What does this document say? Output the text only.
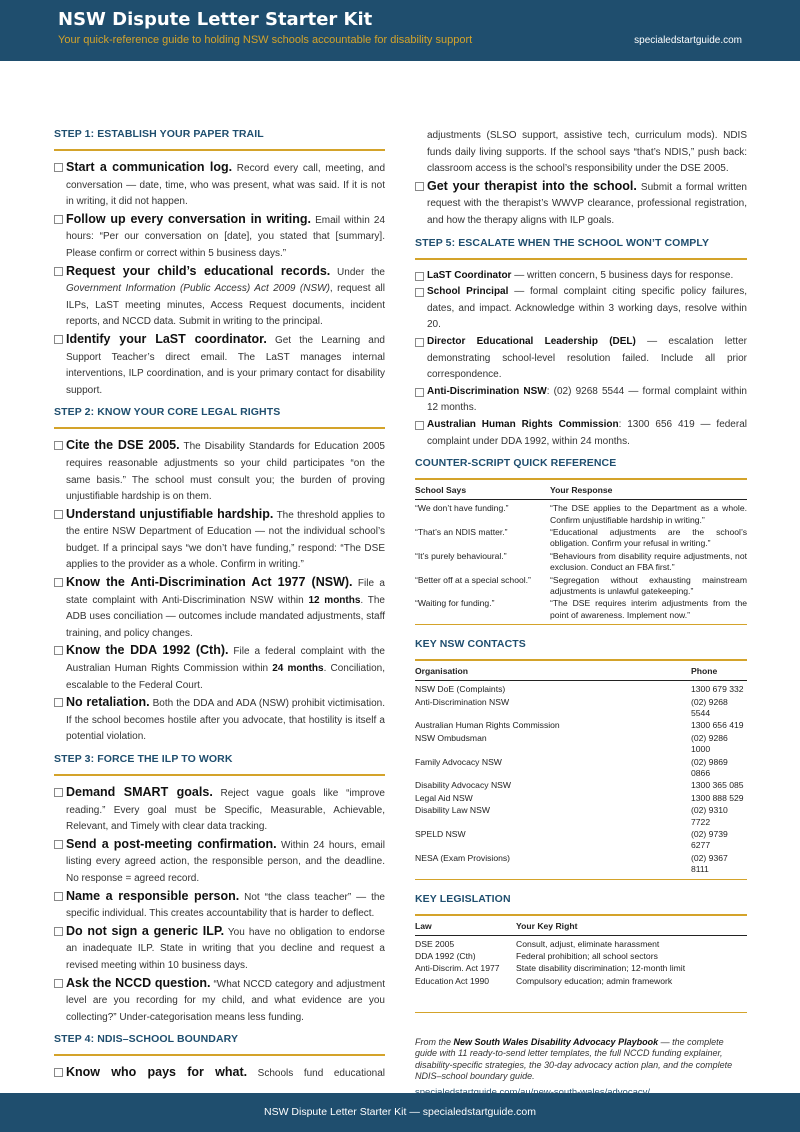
NSW Dispute Letter Starter Kit
Your quick-reference guide to holding NSW schools accountable for disability support	specialedstartguide.com
STEP 1: ESTABLISH YOUR PAPER TRAIL
Start a communication log. Record every call, meeting, and conversation — date, time, who was present, what was said. If it is not in writing, it did not happen.
Follow up every conversation in writing. Email within 24 hours: “Per our conversation on [date], you stated that [summary]. Please confirm or correct within 5 business days.”
Request your child’s educational records. Under the Government Information (Public Access) Act 2009 (NSW), request all ILPs, LaST meeting minutes, Access Request documents, incident reports, and NCCD data. Submit in writing to the principal.
Identify your LaST coordinator. Get the Learning and Support Teacher’s direct email. The LaST manages internal interventions, ILP coordination, and is your primary contact for disability support.
STEP 2: KNOW YOUR CORE LEGAL RIGHTS
Cite the DSE 2005. The Disability Standards for Education 2005 requires reasonable adjustments so your child participates “on the same basis.” The school must consult you; the burden of proving unjustifiable hardship is on them.
Understand unjustifiable hardship. The threshold applies to the entire NSW Department of Education — not the individual school’s budget. If a principal says “we don’t have funding,” respond: “The DSE applies to the provider as a whole. Confirm in writing.”
Know the Anti-Discrimination Act 1977 (NSW). File a state complaint with Anti-Discrimination NSW within 12 months. The ADB uses conciliation — outcomes include mandated adjustments, staff training, and policy changes.
Know the DDA 1992 (Cth). File a federal complaint with the Australian Human Rights Commission within 24 months. Conciliation, escalable to the Federal Court.
No retaliation. Both the DDA and ADA (NSW) prohibit victimisation. If the school becomes hostile after you advocate, that hostility is itself a potential violation.
STEP 3: FORCE THE ILP TO WORK
Demand SMART goals. Reject vague goals like “improve reading.” Every goal must be Specific, Measurable, Achievable, Relevant, and Timely with clear data tracking.
Send a post-meeting confirmation. Within 24 hours, email listing every agreed action, the responsible person, and the deadline. No response = agreed record.
Name a responsible person. Not “the class teacher” — the specific individual. This creates accountability that is harder to deflect.
Do not sign a generic ILP. You have no obligation to endorse an inadequate ILP. State in writing that you decline and request a revised meeting within 10 business days.
Ask the NCCD question. “What NCCD category and adjustment level are you recording for my child, and what evidence are you collecting?” Under-categorisation means less funding.
STEP 4: NDIS–SCHOOL BOUNDARY
Know who pays for what. Schools fund educational
adjustments (SLSO support, assistive tech, curriculum mods). NDIS funds daily living supports. If the school says “that’s NDIS,” push back: classroom access is the school’s responsibility under the DSE 2005.
Get your therapist into the school. Submit a formal written request with the therapist’s WWVP clearance, professional registration, and how the therapy aligns with ILP goals.
STEP 5: ESCALATE WHEN THE SCHOOL WON’T COMPLY
LaST Coordinator — written concern, 5 business days for response.
School Principal — formal complaint citing specific policy failures, dates, and impact. Acknowledge within 3 working days, resolve within 20.
Director Educational Leadership (DEL) — escalation letter demonstrating school-level resolution failed. Include all prior correspondence.
Anti-Discrimination NSW: (02) 9268 5544 — formal complaint within 12 months.
Australian Human Rights Commission: 1300 656 419 — federal complaint under DDA 1992, within 24 months.
COUNTER-SCRIPT QUICK REFERENCE
School Says	Your Response
“We don’t have funding.”	“The DSE applies to the Department as a whole. Confirm unjustifiable hardship in writing.”
“That’s an NDIS matter.”	“Educational adjustments are the school’s obligation. Confirm your refusal in writing.”
“It’s purely behavioural.”	“Behaviours from disability require adjustments, not exclusion. Conduct an FBA first.”
“Better off at a special school.”	“Segregation without exhausting mainstream adjustments is unlawful gatekeeping.”
“Waiting for funding.”	“The DSE requires interim adjustments from the point of awareness. Implement now.”
KEY NSW CONTACTS
Organisation	Phone
NSW DoE (Complaints)	1300 679 332
Anti-Discrimination NSW	(02) 9268 5544
Australian Human Rights Commission	1300 656 419
NSW Ombudsman	(02) 9286 1000
Family Advocacy NSW	(02) 9869 0866
Disability Advocacy NSW	1300 365 085
Legal Aid NSW	1300 888 529
Disability Law NSW	(02) 9310 7722
SPELD NSW	(02) 9739 6277
NESA (Exam Provisions)	(02) 9367 8111
KEY LEGISLATION
Law	Your Key Right
DSE 2005	Consult, adjust, eliminate harassment
DDA 1992 (Cth)	Federal prohibition; all school sectors
Anti-Discrim. Act 1977	State disability discrimination; 12-month limit
Education Act 1990	Compulsory education; admin framework
From the New South Wales Disability Advocacy Playbook — the complete guide with 11 ready-to-send letter templates, the full NCCD funding explainer, disability-specific strategies, the 30-day advocacy action plan, and the complete NDIS–school boundary guide.
NSW Dispute Letter Starter Kit — specialedstartguide.com
